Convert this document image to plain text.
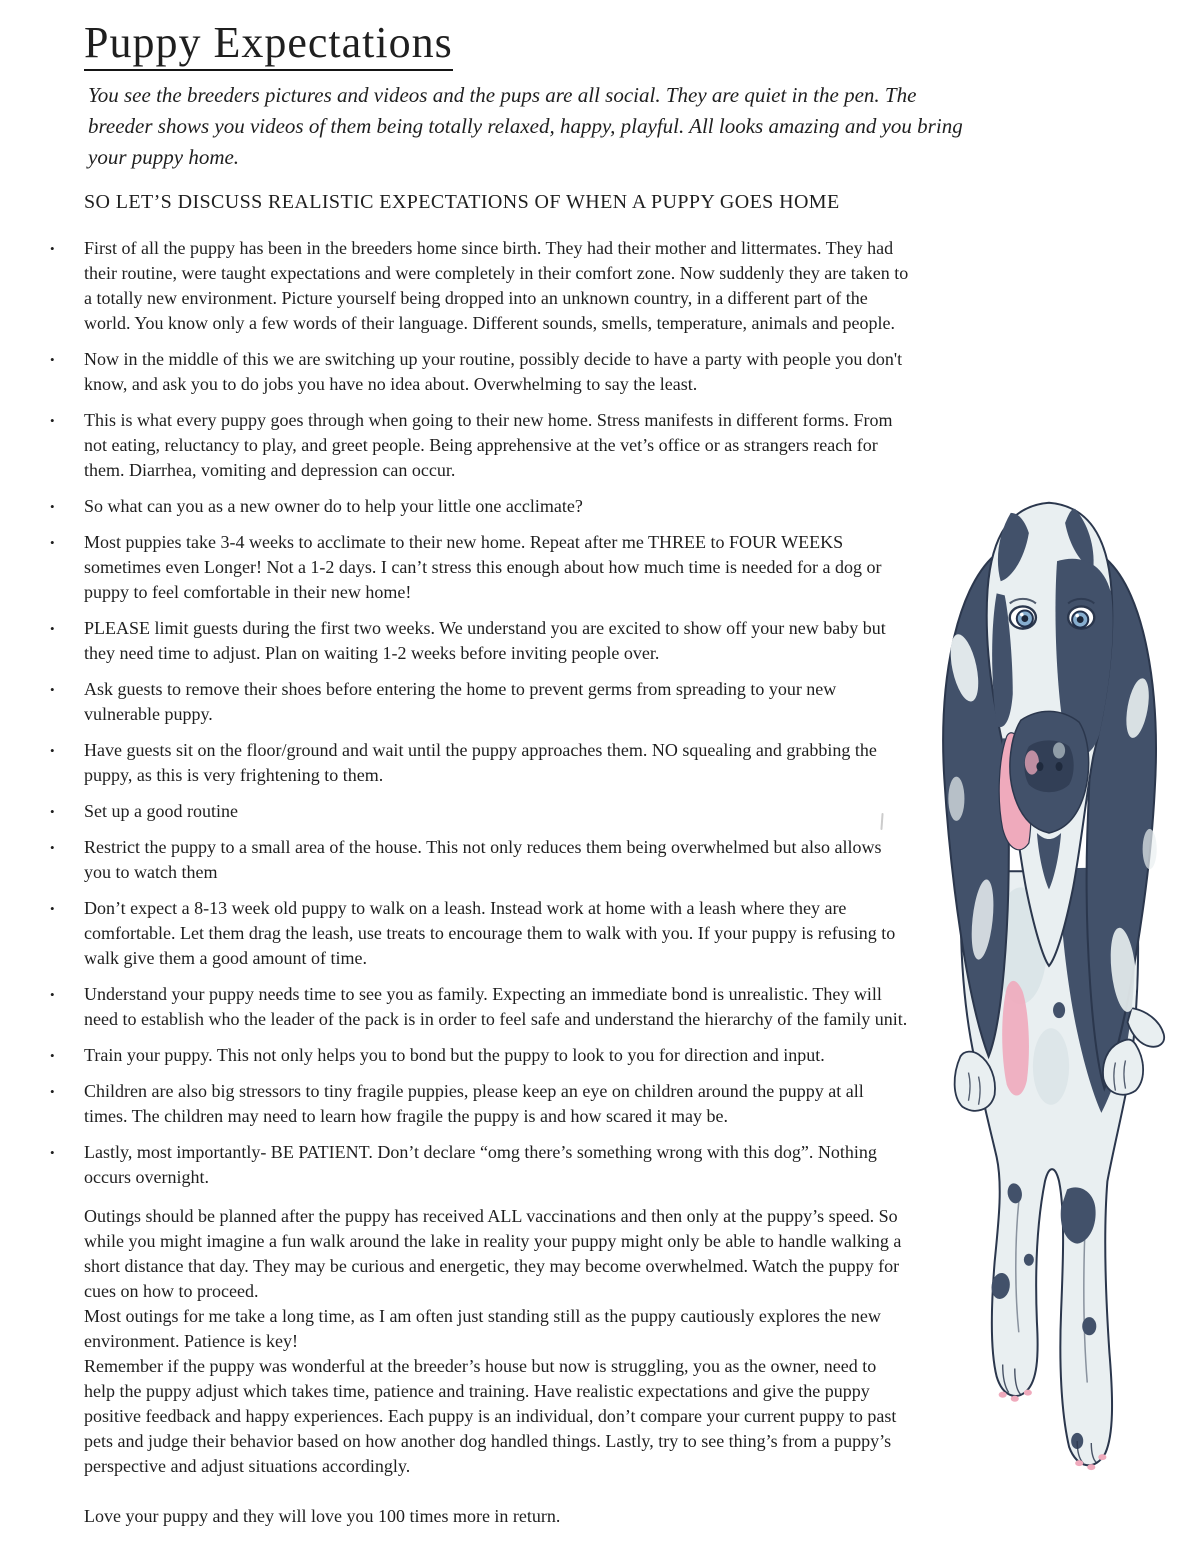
Puppy Expectations

You see the breeders pictures and videos and the pups are all social. They are quiet in the pen. The breeder shows you videos of them being totally relaxed, happy, playful. All looks amazing and you bring your puppy home.

SO LET’S DISCUSS REALISTIC EXPECTATIONS OF WHEN A PUPPY GOES HOME

• First of all the puppy has been in the breeders home since birth. They had their mother and littermates. They had their routine, were taught expectations and were completely in their comfort zone. Now suddenly they are taken to a totally new environment. Picture yourself being dropped into an unknown country, in a different part of the world. You know only a few words of their language. Different sounds, smells, temperature, animals and people.
• Now in the middle of this we are switching up your routine, possibly decide to have a party with people you don't know, and ask you to do jobs you have no idea about. Overwhelming to say the least.
• This is what every puppy goes through when going to their new home. Stress manifests in different forms. From not eating, reluctancy to play, and greet people. Being apprehensive at the vet’s office or as strangers reach for them. Diarrhea, vomiting and depression can occur.
• So what can you as a new owner do to help your little one acclimate?
• Most puppies take 3-4 weeks to acclimate to their new home. Repeat after me THREE to FOUR WEEKS sometimes even Longer! Not a 1-2 days. I can’t stress this enough about how much time is needed for a dog or puppy to feel comfortable in their new home!
• PLEASE limit guests during the first two weeks. We understand you are excited to show off your new baby but they need time to adjust. Plan on waiting 1-2 weeks before inviting people over.
• Ask guests to remove their shoes before entering the home to prevent germs from spreading to your new vulnerable puppy.
• Have guests sit on the floor/ground and wait until the puppy approaches them. NO squealing and grabbing the puppy, as this is very frightening to them.
• Set up a good routine
• Restrict the puppy to a small area of the house. This not only reduces them being overwhelmed but also allows you to watch them
• Don’t expect a 8-13 week old puppy to walk on a leash. Instead work at home with a leash where they are comfortable. Let them drag the leash, use treats to encourage them to walk with you. If your puppy is refusing to walk give them a good amount of time.
• Understand your puppy needs time to see you as family. Expecting an immediate bond is unrealistic. They will need to establish who the leader of the pack is in order to feel safe and understand the hierarchy of the family unit.
• Train your puppy. This not only helps you to bond but the puppy to look to you for direction and input.
• Children are also big stressors to tiny fragile puppies, please keep an eye on children around the puppy at all times. The children may need to learn how fragile the puppy is and how scared it may be.
• Lastly, most importantly- BE PATIENT. Don’t declare “omg there’s something wrong with this dog”. Nothing occurs overnight.

Outings should be planned after the puppy has received ALL vaccinations and then only at the puppy’s speed. So while you might imagine a fun walk around the lake in reality your puppy might only be able to handle walking a short distance that day. They may be curious and energetic, they may become overwhelmed. Watch the puppy for cues on how to proceed.

Most outings for me take a long time, as I am often just standing still as the puppy cautiously explores the new environment. Patience is key!

Remember if the puppy was wonderful at the breeder’s house but now is struggling, you as the owner, need to help the puppy adjust which takes time, patience and training. Have realistic expectations and give the puppy positive feedback and happy experiences. Each puppy is an individual, don’t compare your current puppy to past pets and judge their behavior based on how another dog handled things. Lastly, try to see thing’s from a puppy’s perspective and adjust situations accordingly.

Love your puppy and they will love you 100 times more in return.
